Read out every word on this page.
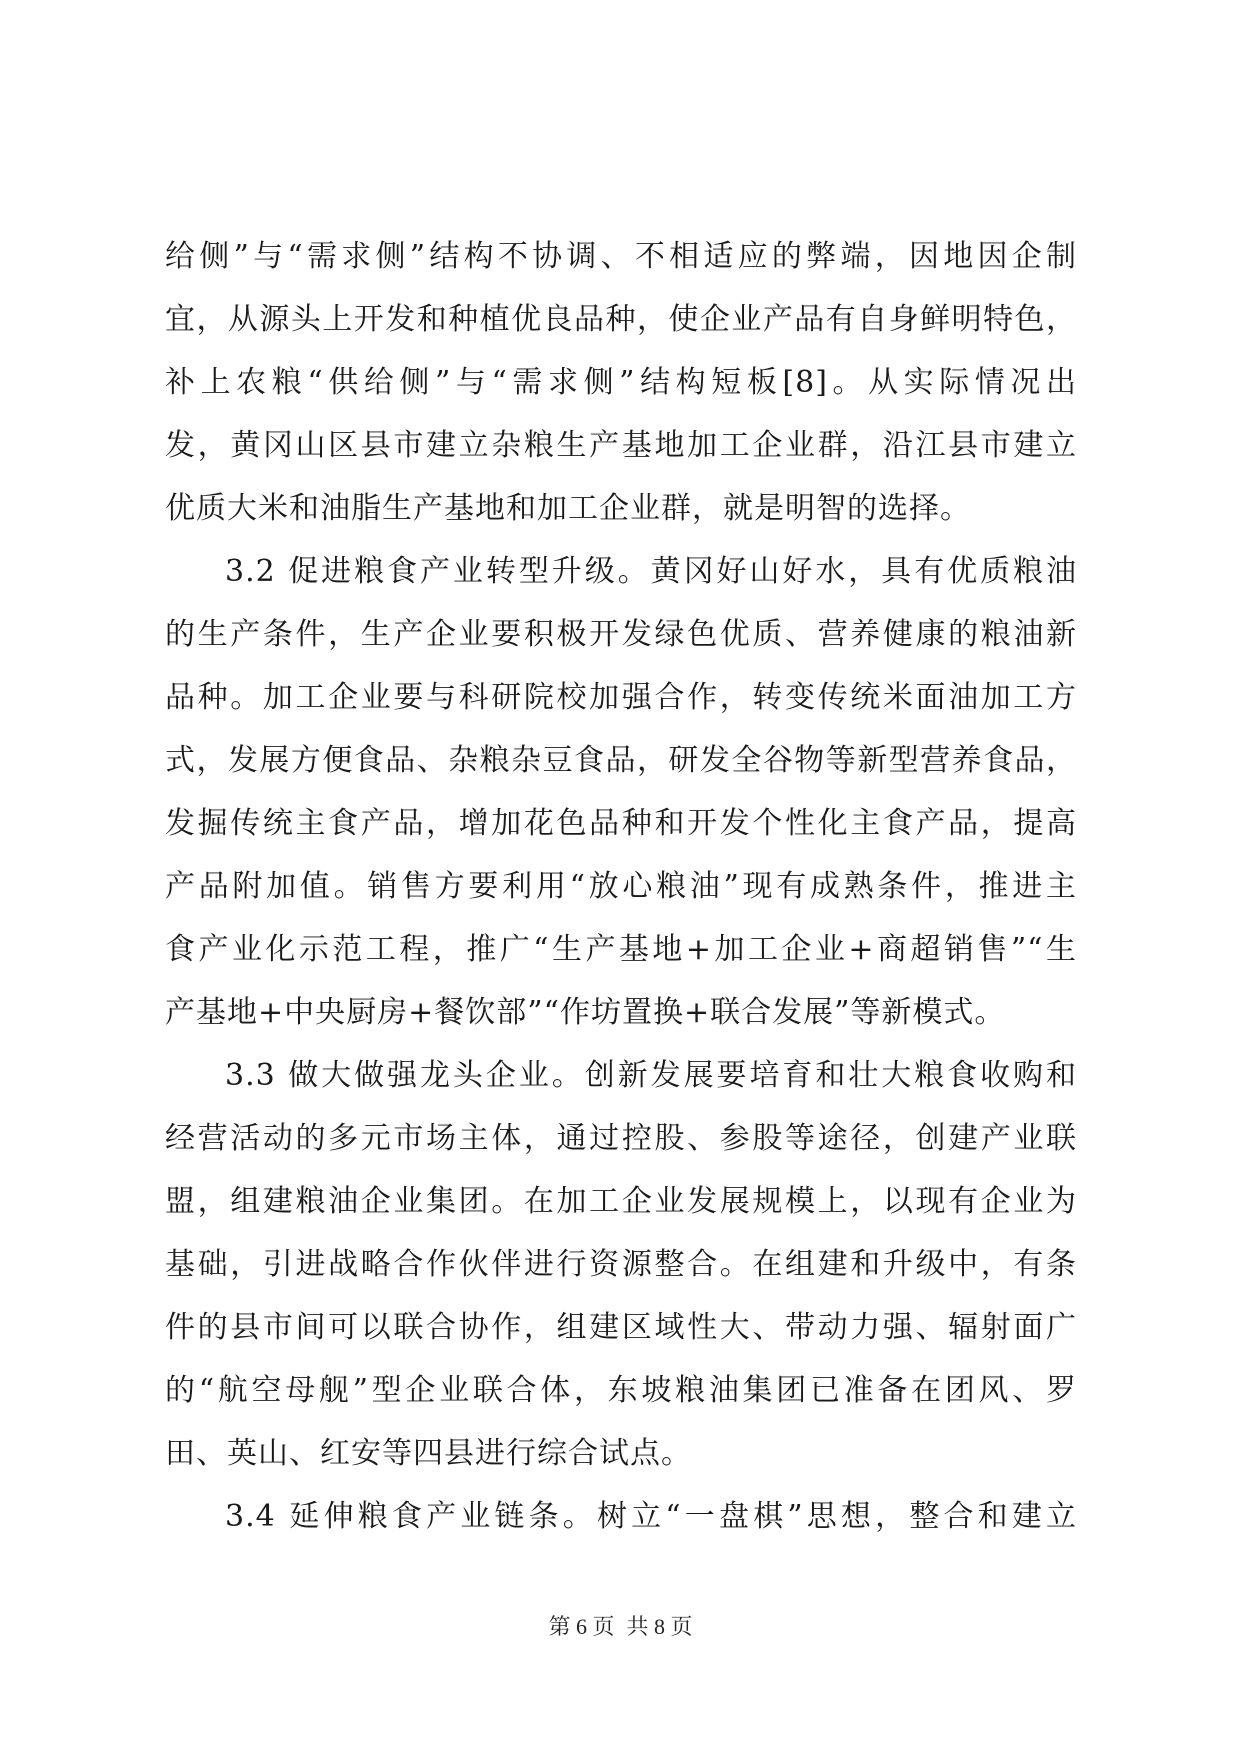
给侧”与“需求侧”结构不协调、不相适应的弊端，因地因企制
宜，从源头上开发和种植优良品种，使企业产品有自身鲜明特色，
补上农粮“供给侧”与“需求侧”结构短板[8]。从实际情况出
发，黄冈山区县市建立杂粮生产基地加工企业群，沿江县市建立
优质大米和油脂生产基地和加工企业群，就是明智的选择。
3.2 促进粮食产业转型升级。黄冈好山好水，具有优质粮油
的生产条件，生产企业要积极开发绿色优质、营养健康的粮油新
品种。加工企业要与科研院校加强合作，转变传统米面油加工方
式，发展方便食品、杂粮杂豆食品，研发全谷物等新型营养食品，
发掘传统主食产品，增加花色品种和开发个性化主食产品，提高
产品附加值。销售方要利用“放心粮油”现有成熟条件，推进主
食产业化示范工程，推广“生产基地+加工企业+商超销售”“生
产基地+中央厨房+餐饮部”“作坊置换+联合发展”等新模式。
3.3 做大做强龙头企业。创新发展要培育和壮大粮食收购和
经营活动的多元市场主体，通过控股、参股等途径，创建产业联
盟，组建粮油企业集团。在加工企业发展规模上，以现有企业为
基础，引进战略合作伙伴进行资源整合。在组建和升级中，有条
件的县市间可以联合协作，组建区域性大、带动力强、辐射面广
的“航空母舰”型企业联合体，东坡粮油集团已准备在团风、罗
田、英山、红安等四县进行综合试点。
3.4 延伸粮食产业链条。树立“一盘棋”思想，整合和建立
第 6 页 共 8 页
